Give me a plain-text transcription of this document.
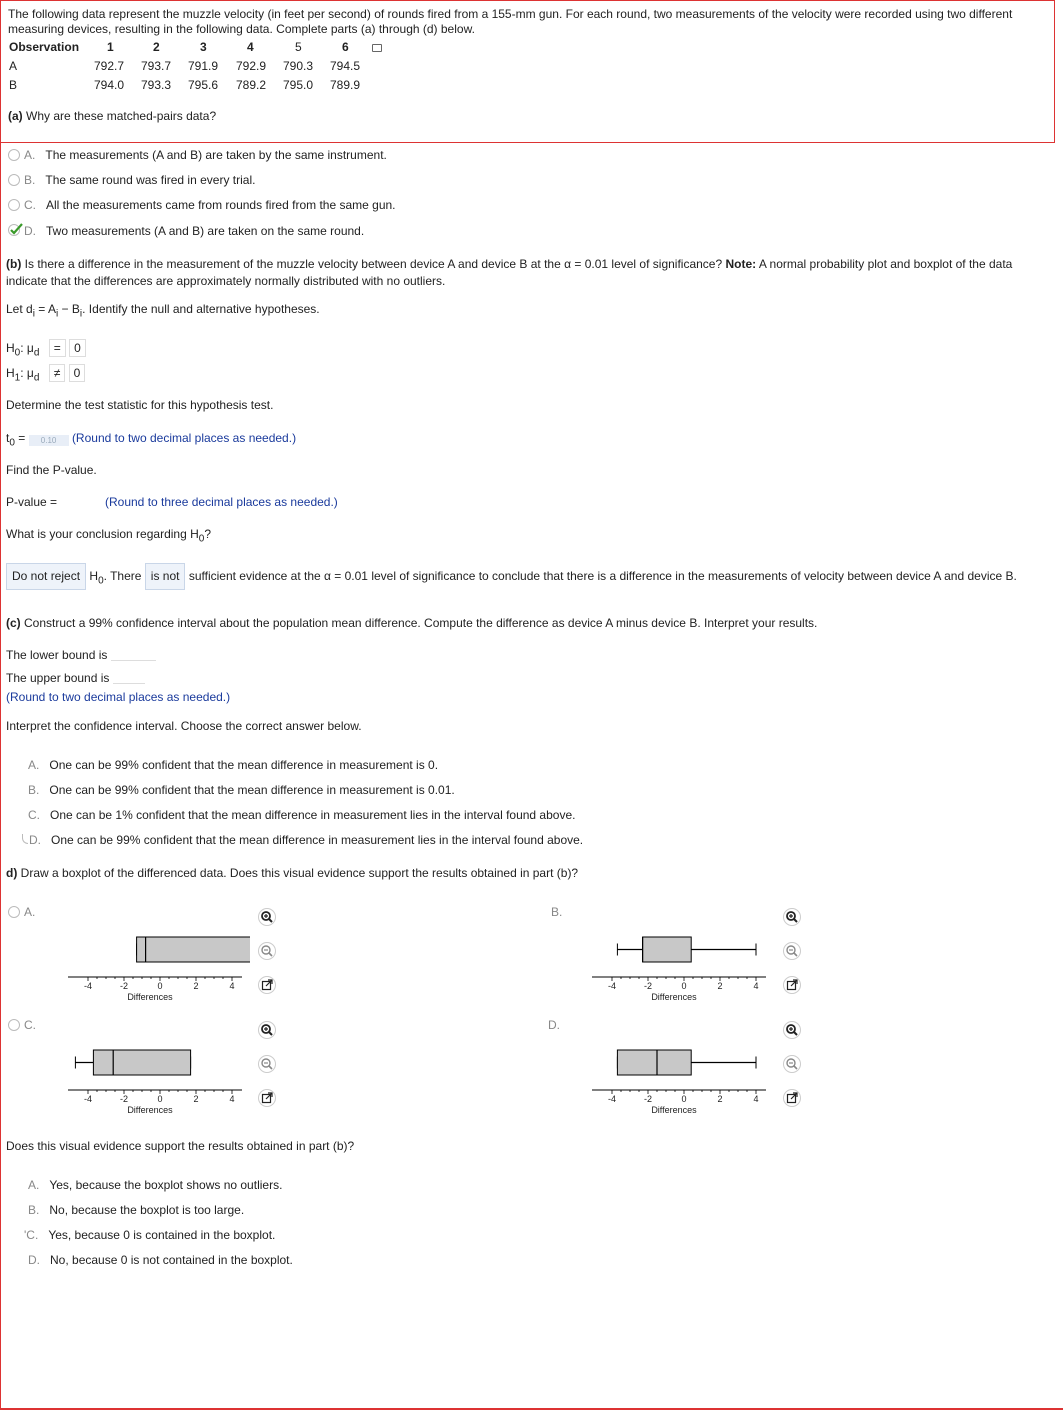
The following data represent the muzzle velocity (in feet per second) of rounds fired from a 155-mm gun. For each round, two measurements of the velocity were recorded using two different measuring devices, resulting in the following data. Complete parts (a) through (d) below.
Observation 1	2	3	4	5	6
A	792.7 793.7 791.9 792.9 790.3 794.5
B	794.0 793.3 795.6 789.2 795.0 789.9
(a) Why are these matched-pairs data?
A. The measurements (A and B) are taken by the same instrument.
B. The same round was fired in every trial.
C. All the measurements came from rounds fired from the same gun.
D. Two measurements (A and B) are taken on the same round.
(b) Is there a difference in the measurement of the muzzle velocity between device A and device B at the α = 0.01 level of significance? Note: A normal probability plot and boxplot of the data indicate that the differences are approximately normally distributed with no outliers.
Let $d_i = A_i - B_i$. Identify the null and alternative hypotheses.
$H_0$: $\mu_d = 0$
$H_1$: $\mu_d \ne 0$
Determine the test statistic for this hypothesis test.
$t_0 = 0.10$ (Round to two decimal places as needed.)
Find the P-value.
P-value =	(Round to three decimal places as needed.)
What is your conclusion regarding $H_0$?
Do not reject $H_0$. There is not sufficient evidence at the α = 0.01 level of significance to conclude that there is a difference in the measurements of velocity between device A and device B.
(c) Construct a 99% confidence interval about the population mean difference. Compute the difference as device A minus device B. Interpret your results.
The lower bound is
The upper bound is
(Round to two decimal places as needed.)
Interpret the confidence interval. Choose the correct answer below.
A. One can be 99% confident that the mean difference in measurement is 0.
B. One can be 99% confident that the mean difference in measurement is 0.01.
C. One can be 1% confident that the mean difference in measurement lies in the interval found above.
D. One can be 99% confident that the mean difference in measurement lies in the interval found above.
d) Draw a boxplot of the differenced data. Does this visual evidence support the results obtained in part (b)?
A.	B.
C.	D.
-4	-2	0	2	4
Differences
-4	-2	0	2	4
Differences
-4	-2	0	2	4
Differences
-4	-2	0	2	4
Differences
Does this visual evidence support the results obtained in part (b)?
A. Yes, because the boxplot shows no outliers.
B. No, because the boxplot is too large.
'C. Yes, because 0 is contained in the boxplot.
D. No, because 0 is not contained in the boxplot.
